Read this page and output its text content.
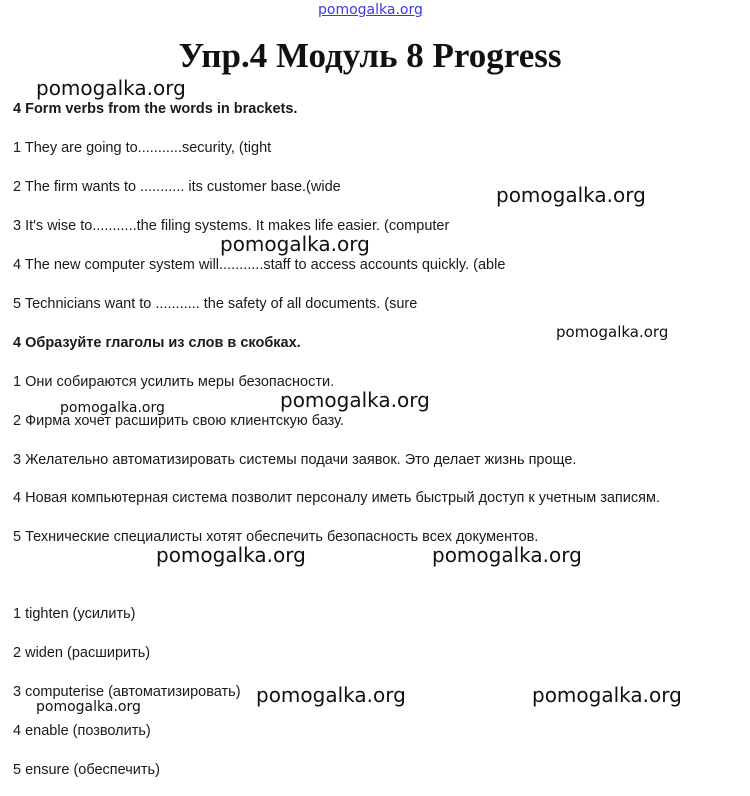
pomogalka.org
pomogalka.org
pomogalka.org
pomogalka.org
pomogalka.org
pomogalka.org
pomogalka.org
pomogalka.org	pomogalka.org
pomogalka.org	pomogalka.org
pomogalka.org
Упр.4 Модуль 8 Progress
4 Form verbs from the words in brackets.
1 They are going to...........security, (tight
2 The firm wants to ........... its customer base.(wide
3 It's wise to...........the filing systems. It makes life easier. (computer
4 The new computer system will...........staff to access accounts quickly. (able
5 Technicians want to ........... the safety of all documents. (sure
4 Образуйте глаголы из слов в скобках.
1 Они собираются усилить меры безопасности.
2 Фирма хочет расширить свою клиентскую базу.
3 Желательно автоматизировать системы подачи заявок. Это делает жизнь проще.
4 Новая компьютерная система позволит персоналу иметь быстрый доступ к учетным записям.
5 Технические специалисты хотят обеспечить безопасность всех документов.
1 tighten (усилить)
2 widen (расширить)
3 computerise (автоматизировать)
4 enable (позволить)
5 ensure (обеспечить)
